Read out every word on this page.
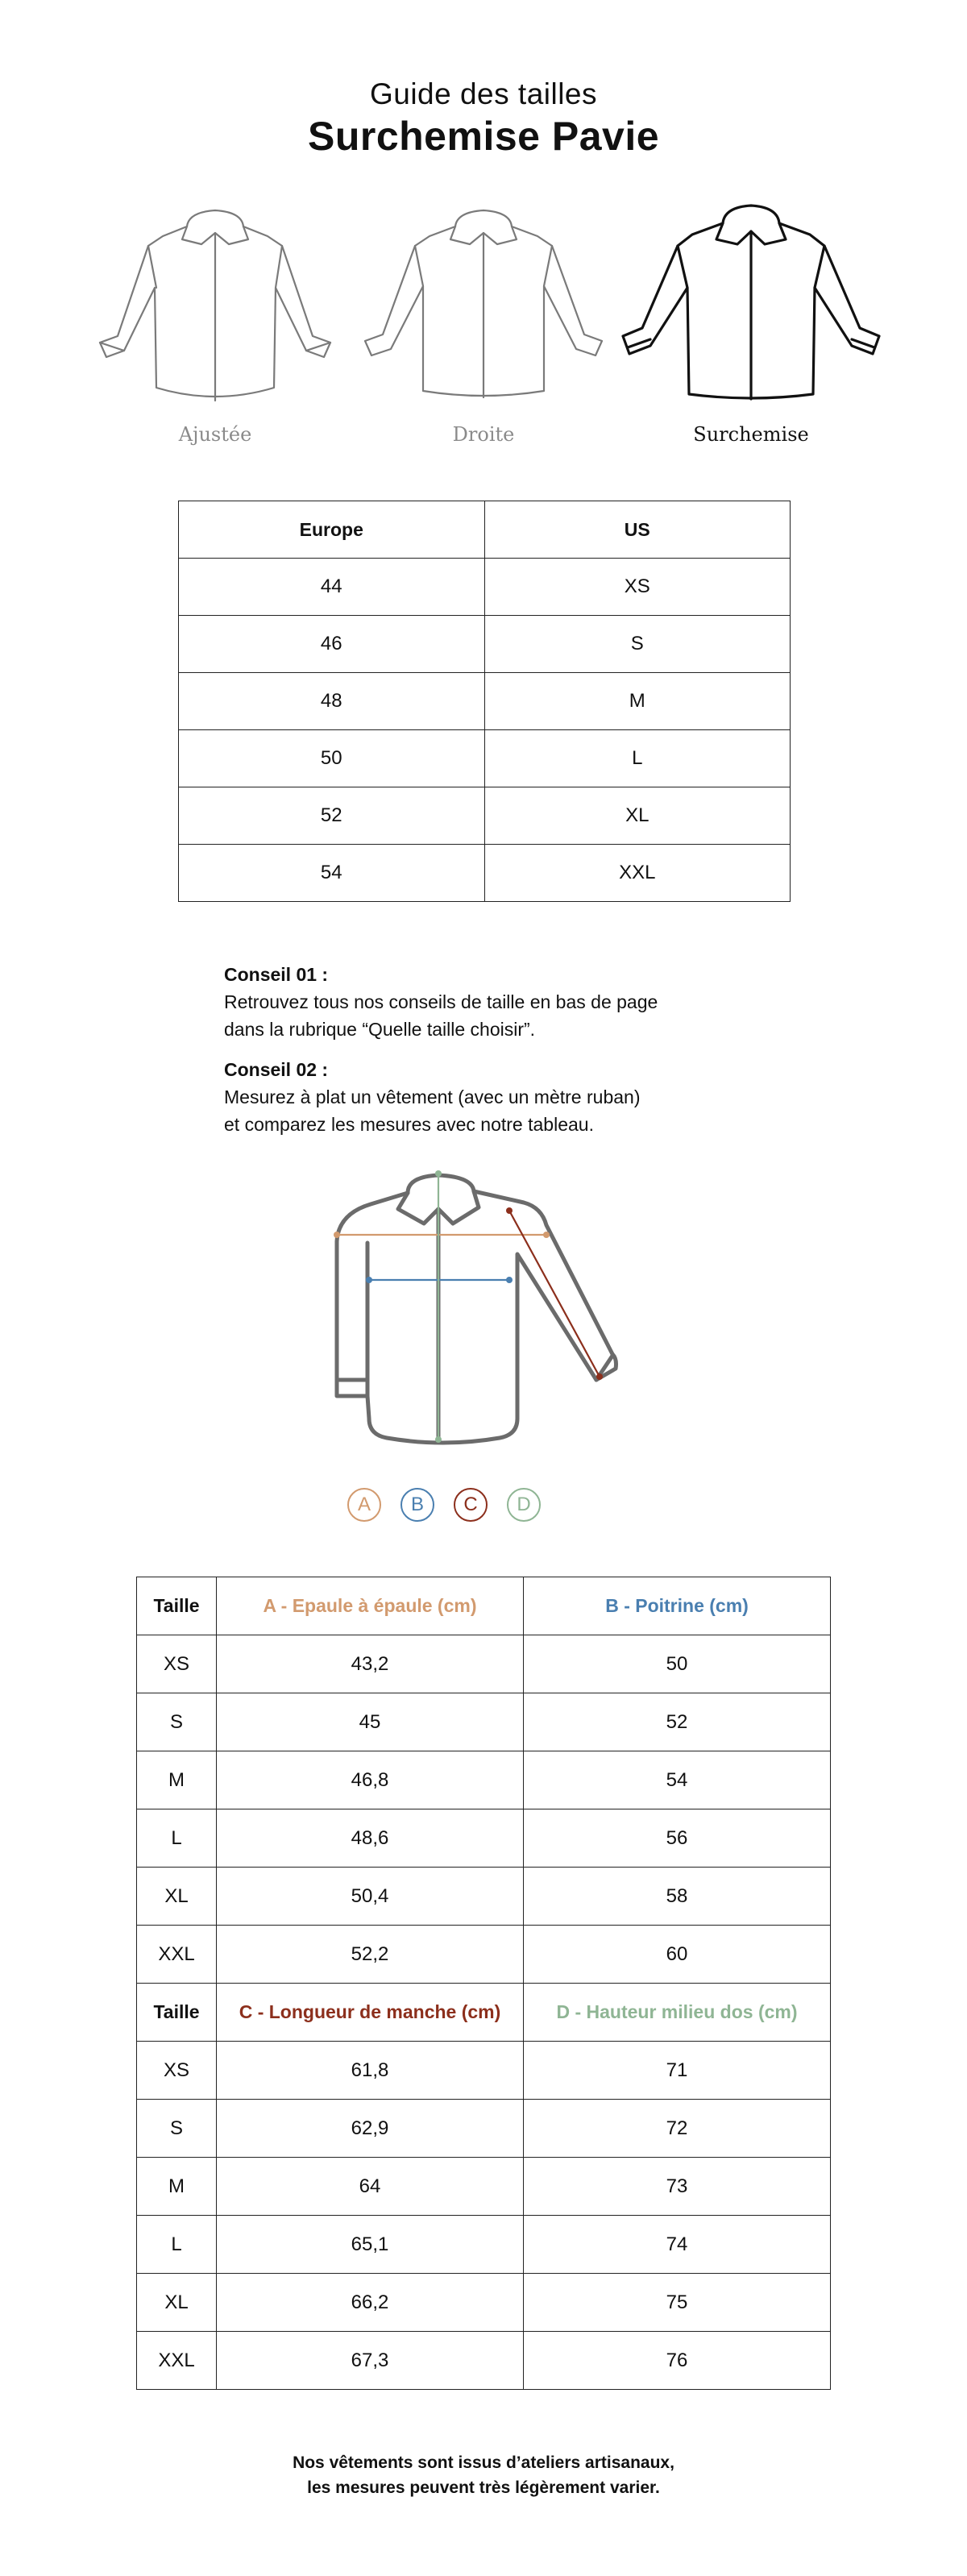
Guide des tailles
Surchemise Pavie
Ajustée	Droite	Surchemise
Europe	US
44	XS
46	S
48	M
50	L
52	XL
54	XXL
Conseil 01 :
Retrouvez tous nos conseils de taille en bas de page
dans la rubrique “Quelle taille choisir”.
Conseil 02 :
Mesurez à plat un vêtement (avec un mètre ruban)
et comparez les mesures avec notre tableau.
A	B	C	D
Taille	A - Epaule à épaule (cm)	B - Poitrine (cm)
XS	43,2	50
S	45	52
M	46,8	54
L	48,6	56
XL	50,4	58
XXL	52,2	60
Taille	C - Longueur de manche (cm)	D - Hauteur milieu dos (cm)
XS	61,8	71
S	62,9	72
M	64	73
L	65,1	74
XL	66,2	75
XXL	67,3	76
Nos vêtements sont issus d’ateliers artisanaux,
les mesures peuvent très légèrement varier.
